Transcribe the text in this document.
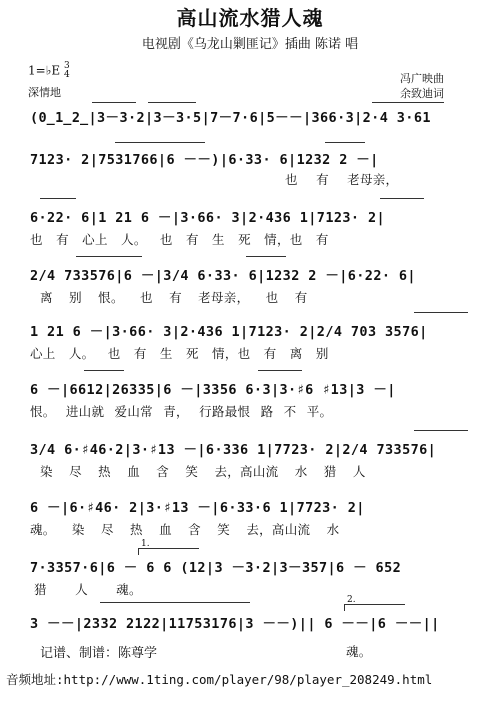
高山流水猎人魂
电视剧《乌龙山剿匪记》插曲 陈诺 唱
1=♭E 3
4
深情地
冯广映曲
余致迪词
1.
2.
(0̲1̲2̲|3－3·2|3－3·5|7－7·6|5－－|366·3|2·4 3·61
7123· 2|7531766|6 －－)|6·33· 6|1232 2 －|
也 有 老母亲，
6·22· 6|1 21 6 －|3·66· 3|2·436 1|7123· 2|
也 有 心上 人。 也 有 生 死 情，也 有
2/4 733576|6 －|3/4 6·33· 6|1232 2 －|6·22· 6|
离 别 恨。 也 有 老母亲， 也 有
1 21 6 －|3·66· 3|2·436 1|7123· 2|2/4 703 3576|
心上 人。 也 有 生 死 情，也 有 离 别
6 －|6612|26335|6 －|3356 6·3|3·♯6 ♯13|3 －|
恨。 进山就 爱山常 青， 行路最恨 路 不 平。
3/4 6·♯46·2|3·♯13 －|6·336 1|7723· 2|2/4 733576|
染 尽 热 血 含 笑 去，高山流 水 猎 人
6 －|6·♯46· 2|3·♯13 －|6·33·6 1|7723· 2|
魂。 染 尽 热 血 含 笑 去，高山流 水
7·3357·6|6 － 6 6 (12|3 －3·2|3－357|6 － 652
猎 人 魂。
3 －－|2332 2122|11753176|3 －－)|| 6 －－|6 －－||
记谱、制谱：陈尊学	魂。
音频地址:http://www.1ting.com/player/98/player_208249.html
